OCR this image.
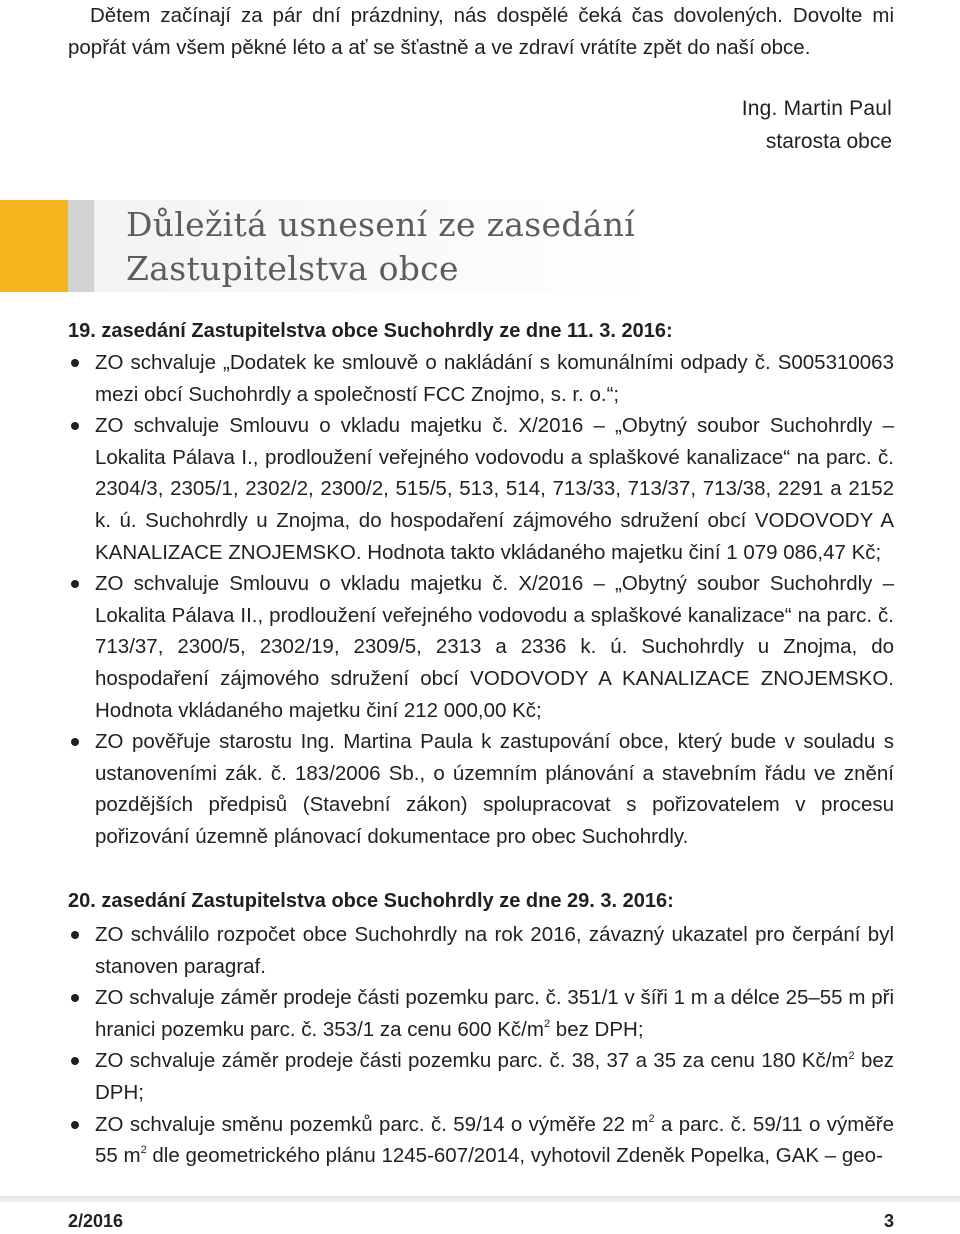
Dětem začínají za pár dní prázdniny, nás dospělé čeká čas dovolených. Dovolte mi popřát vám všem pěkné léto a ať se šťastně a ve zdraví vrátíte zpět do naší obce.

Ing. Martin Paul
starosta obce
Důležitá usnesení ze zasedání
Zastupitelstva obce
19. zasedání Zastupitelstva obce Suchohrdly ze dne 11. 3. 2016:
ZO schvaluje „Dodatek ke smlouvě o nakládání s komunálními odpady č. S005310063 mezi obcí Suchohrdly a společností FCC Znojmo, s. r. o.“;
ZO schvaluje Smlouvu o vkladu majetku č. X/2016 – „Obytný soubor Suchohrdly – Lokalita Pálava I., prodloužení veřejného vodovodu a splaškové kanalizace“ na parc. č. 2304/3, 2305/1, 2302/2, 2300/2, 515/5, 513, 514, 713/33, 713/37, 713/38, 2291 a 2152 k. ú. Suchohrdly u Znojma, do hospodaření zájmového sdružení obcí VODOVODY A KANALIZACE ZNOJEMSKO. Hodnota takto vkládaného majetku činí 1 079 086,47 Kč;
ZO schvaluje Smlouvu o vkladu majetku č. X/2016 – „Obytný soubor Suchohrdly – Lokalita Pálava II., prodloužení veřejného vodovodu a splaškové kanalizace“ na parc. č. 713/37, 2300/5, 2302/19, 2309/5, 2313 a 2336 k. ú. Suchohrdly u Znojma, do hospodaření zájmového sdružení obcí VODOVODY A KANALIZACE ZNOJEMSKO. Hodnota vkládaného majetku činí 212 000,00 Kč;
ZO pověřuje starostu Ing. Martina Paula k zastupování obce, který bude v souladu s ustanoveními zák. č. 183/2006 Sb., o územním plánování a stavebním řádu ve znění pozdějších předpisů (Stavební zákon) spolupracovat s pořizovatelem v procesu pořizování územně plánovací dokumentace pro obec Suchohrdly.
20. zasedání Zastupitelstva obce Suchohrdly ze dne 29. 3. 2016:
ZO schválilo rozpočet obce Suchohrdly na rok 2016, závazný ukazatel pro čerpání byl stanoven paragraf.
ZO schvaluje záměr prodeje části pozemku parc. č. 351/1 v šíři 1 m a délce 25–55 m při hranici pozemku parc. č. 353/1 za cenu 600 $Kč/m^2$ bez DPH;
ZO schvaluje záměr prodeje části pozemku parc. č. 38, 37 a 35 za cenu 180 $Kč/m^2$ bez DPH;
ZO schvaluje směnu pozemků parc. č. 59/14 o výměře 22 $m^2$ a parc. č. 59/11 o výměře 55 $m^2$ dle geometrického plánu 1245-607/2014, vyhotovil Zdeněk Popelka, GAK – geo-
2/2016	3
